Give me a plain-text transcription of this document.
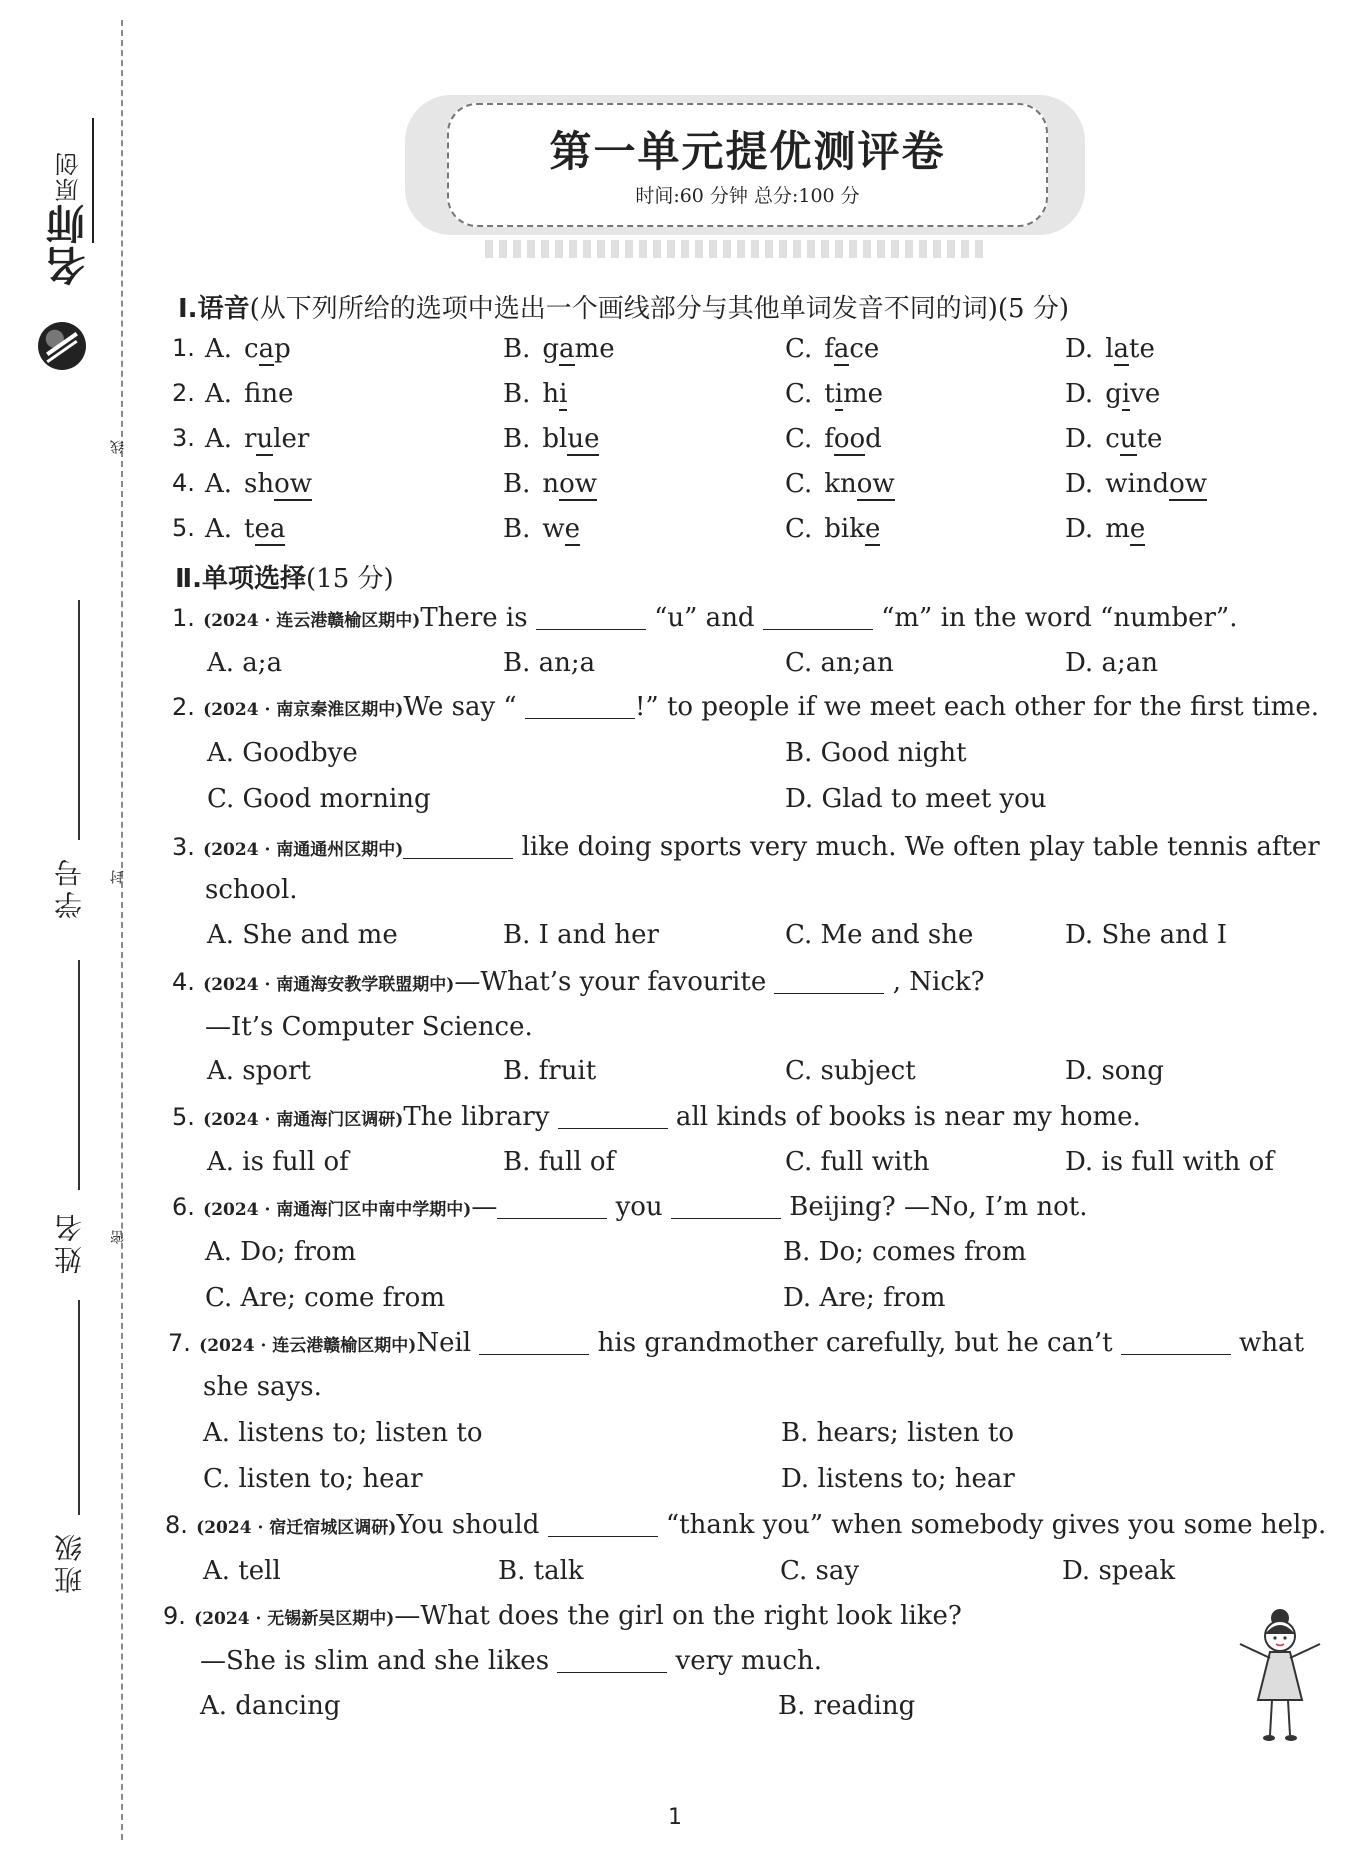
名师原创
线
封
密
学号
姓名
班级
第一单元提优测评卷
时间:60 分钟 总分:100 分
Ⅰ.语音(从下列所给的选项中选出一个画线部分与其他单词发音不同的词)(5 分)
1. A. cap	B. game	C. face	D. late
2. A. fne	B. hi	C. time	D. give
3. A. ruler	B. blue	C. food	D. cute
4. A. show	B. now	C. know	D. window
5. A. tea	B. we	C. bike	D. me
Ⅱ.单项选择(15 分)
1. (2024 · 连云港赣榆区期中)There is	“u” and	“m” in the word “number”.
A. a;a	B. an;a	C. an;an	D. a;an
2. (2024 · 南京秦淮区期中)We say “	!” to people if we meet each other for the first time.
A. Goodbye	B. Good night
C. Good morning	D. Glad to meet you
3. (2024 · 南通通州区期中)	like doing sports very much. We often play table tennis after
school.
A. She and me	B. I and her	C. Me and she	D. She and I
4. (2024 · 南通海安教学联盟期中)—What’s your favourite	, Nick?
—It’s Computer Science.
A. sport	B. fruit	C. subject	D. song
5. (2024 · 南通海门区调研)The library	all kinds of books is near my home.
A. is full of	B. full of	C. full with	D. is full with of
6. (2024 · 南通海门区中南中学期中)—	you	Beijing? —No, I’m not.
A. Do; from	B. Do; comes from
C. Are; come from	D. Are; from
7. (2024 · 连云港赣榆区期中)Neil	his grandmother carefully, but he can’t	what
she says.
A. listens to; listen to	B. hears; listen to
C. listen to; hear	D. listens to; hear
8. (2024 · 宿迁宿城区调研)You should	“thank you” when somebody gives you some help.
A. tell	B. talk	C. say	D. speak
9. (2024 · 无锡新吴区期中)—What does the girl on the right look like?
—She is slim and she likes	very much.
A. dancing	B. reading
1
